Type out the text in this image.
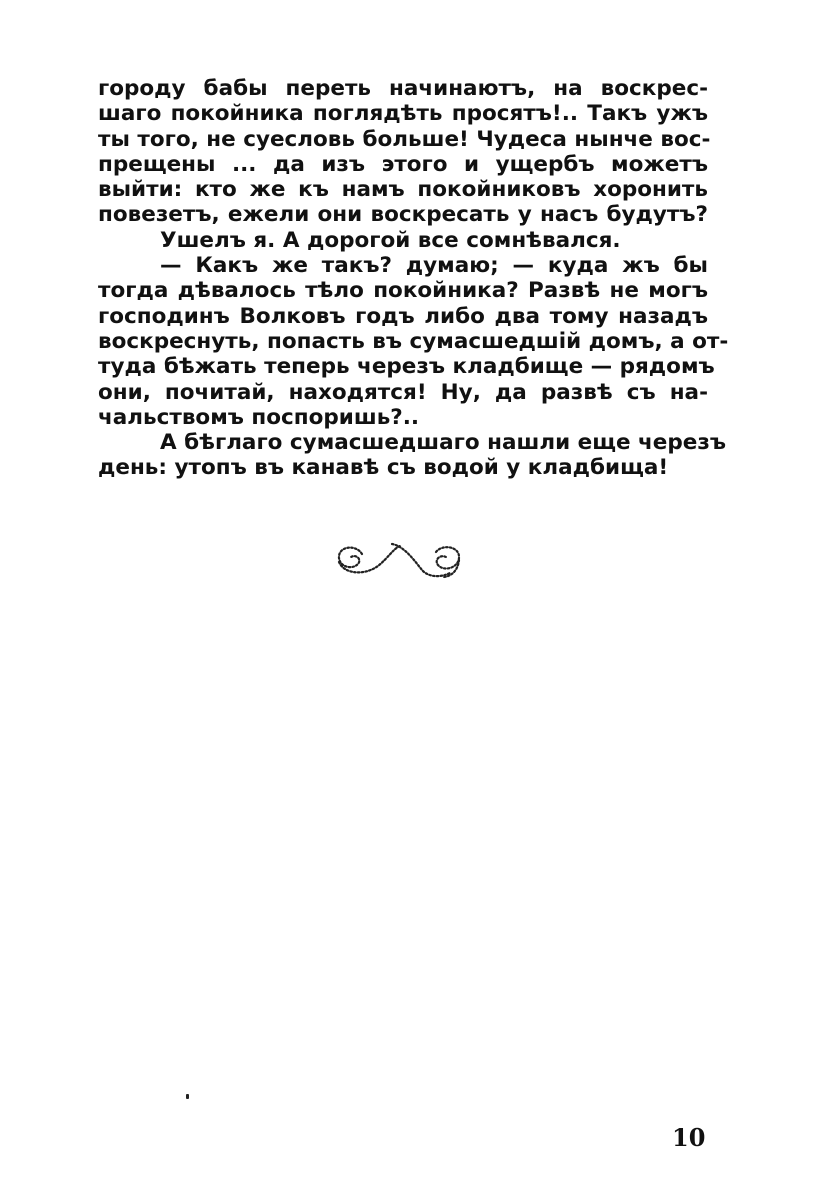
городу бабы переть начинаютъ, на воскрес-
шаго покойника поглядѣть просятъ!.. Такъ ужъ
ты того, не суесловь больше! Чудеса нынче вос-
прещены ... да изъ этого и ущербъ можетъ
выйти: кто же къ намъ покойниковъ хоронить
повезетъ, ежели они воскресать у насъ будутъ?
Ушелъ я. А дорогой все сомнѣвался.
— Какъ же такъ? думаю; — куда жъ бы
тогда дѣвалось тѣло покойника? Развѣ не могъ
господинъ Волковъ годъ либо два тому назадъ
воскреснуть, попасть въ сумасшедшій домъ, а от-
туда бѣжать теперь черезъ кладбище — рядомъ
они, почитай, находятся! Ну, да развѣ съ на-
чальствомъ поспоришь?..
А бѣглаго сумасшедшаго нашли еще черезъ
день: утопъ въ канавѣ съ водой у кладбища!
10
